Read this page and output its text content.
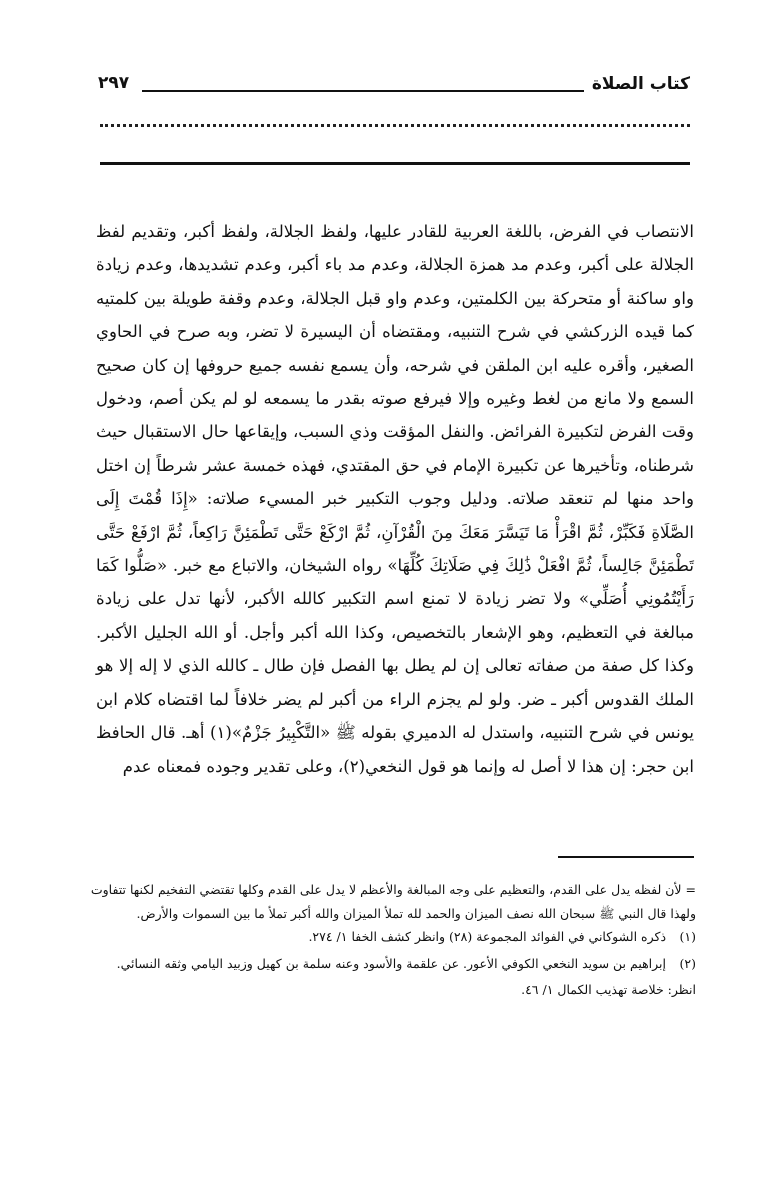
كتاب الصلاة
٢٩٧

الانتصاب في الفرض، باللغة العربية للقادر عليها، ولفظ الجلالة، ولفظ أكبر، وتقديم لفظ الجلالة على أكبر، وعدم مد همزة الجلالة، وعدم مد باء أكبر، وعدم تشديدها، وعدم زيادة واو ساكنة أو متحركة بين الكلمتين، وعدم واو قبل الجلالة، وعدم وقفة طويلة بين كلمتيه كما قيده الزركشي في شرح التنبيه، ومقتضاه أن اليسيرة لا تضر، وبه صرح في الحاوي الصغير، وأقره عليه ابن الملقن في شرحه، وأن يسمع نفسه جميع حروفها إن كان صحيح السمع ولا مانع من لغط وغيره وإلا فيرفع صوته بقدر ما يسمعه لو لم يكن أصم، ودخول وقت الفرض لتكبيرة الفرائض. والنفل المؤقت وذي السبب، وإيقاعها حال الاستقبال حيث شرطناه، وتأخيرها عن تكبيرة الإمام في حق المقتدي، فهذه خمسة عشر شرطاً إن اختل واحد منها لم تنعقد صلاته. ودليل وجوب التكبير خبر المسيء صلاته: «إِذَا قُمْتَ إِلَى الصَّلَاةِ فَكَبِّرْ، ثُمَّ اقْرَأْ مَا تَيَسَّرَ مَعَكَ مِنَ الْقُرْآنِ، ثُمَّ ارْكَعْ حَتَّى تَطْمَئِنَّ رَاكِعاً، ثُمَّ ارْفَعْ حَتَّى تَطْمَئِنَّ جَالِساً، ثُمَّ افْعَلْ ذَٰلِكَ فِي صَلَاتِكَ كُلِّهَا» رواه الشيخان، والاتباع مع خبر. «صَلُّوا كَمَا رَأَيْتُمُونِي أُصَلِّي» ولا تضر زيادة لا تمنع اسم التكبير كالله الأكبر، لأنها تدل على زيادة مبالغة في التعظيم، وهو الإشعار بالتخصيص، وكذا الله أكبر وأجل. أو الله الجليل الأكبر. وكذا كل صفة من صفاته تعالى إن لم يطل بها الفصل فإن طال ـ كالله الذي لا إله إلا هو الملك القدوس أكبر ـ ضر. ولو لم يجزم الراء من أكبر لم يضر خلافاً لما اقتضاه كلام ابن يونس في شرح التنبيه، واستدل له الدميري بقوله ﷺ «التَّكْبِيرُ جَزْمٌ»(١) أهـ. قال الحافظ ابن حجر: إن هذا لا أصل له وإنما هو قول النخعي(٢)، وعلى تقدير وجوده فمعناه عدم

= لأن لفظه يدل على القدم، والتعظيم على وجه المبالغة والأعظم لا يدل على القدم وكلها تقتضي التفخيم لكنها تتفاوت ولهذا قال النبي ﷺ سبحان الله نصف الميزان والحمد لله تملأ الميزان والله أكبر تملأ ما بين السموات والأرض.

(١) ذكره الشوكاني في الفوائد المجموعة (٢٨) وانظر كشف الخفا ١/ ٢٧٤.

(٢) إبراهيم بن سويد النخعي الكوفي الأعور. عن علقمة والأسود وعنه سلمة بن كهيل وزبيد اليامي وثقه النسائي.

انظر: خلاصة تهذيب الكمال ١/ ٤٦.
